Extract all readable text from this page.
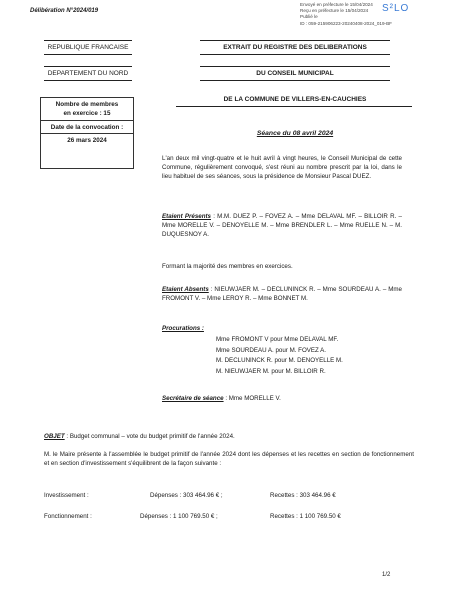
Délibération N°2024/019
Envoyé en préfecture le 15/04/2024
Reçu en préfecture le 15/04/2024
Publié le
ID : 059-215906223-20240408-2024_019-BF
S²LO
REPUBLIQUE FRANCAISE
DEPARTEMENT DU NORD
Nombre de membres
en exercice : 15
Date de la convocation :
26 mars 2024
EXTRAIT DU REGISTRE DES DELIBERATIONS
DU CONSEIL MUNICIPAL
DE LA COMMUNE DE VILLERS-EN-CAUCHIES
Séance du 08 avril 2024
L'an deux mil vingt-quatre et le huit avril à vingt heures, le Conseil Municipal de cette Commune, régulièrement convoqué, s'est réuni au nombre prescrit par la loi, dans le lieu habituel de ses séances, sous la présidence de Monsieur Pascal DUEZ.
Etaient Présents : M.M. DUEZ P. – FOVEZ A. – Mme DELAVAL MF. – BILLOIR R. – Mme MORELLE V. – DENOYELLE M. – Mme BRENDLER L. – Mme RUELLE N. – M. DUQUESNOY A.
Formant la majorité des membres en exercices.
Etaient Absents : NIEUWJAER M. – DECLUNINCK R. – Mme SOURDEAU A. – Mme FROMONT V. – Mme LEROY R. – Mme BONNET M.
Procurations :
Mme FROMONT V pour Mme DELAVAL MF.
Mme SOURDEAU A. pour M. FOVEZ A.
M. DECLUNINCK R. pour M. DENOYELLE M.
M. NIEUWJAER M. pour M. BILLOIR R.
Secrétaire de séance : Mme MORELLE V.
OBJET : Budget communal – vote du budget primitif de l'année 2024.
M. le Maire présente à l'assemblée le budget primitif de l'année 2024 dont les dépenses et les recettes en section de fonctionnement et en section d'investissement s'équilibrent de la façon suivante :
Investissement :	Dépenses : 303 464.96 € ;	Recettes : 303 464.96 €
Fonctionnement :	Dépenses : 1 100 769.50 € ;	Recettes : 1 100 769.50 €
1/2
